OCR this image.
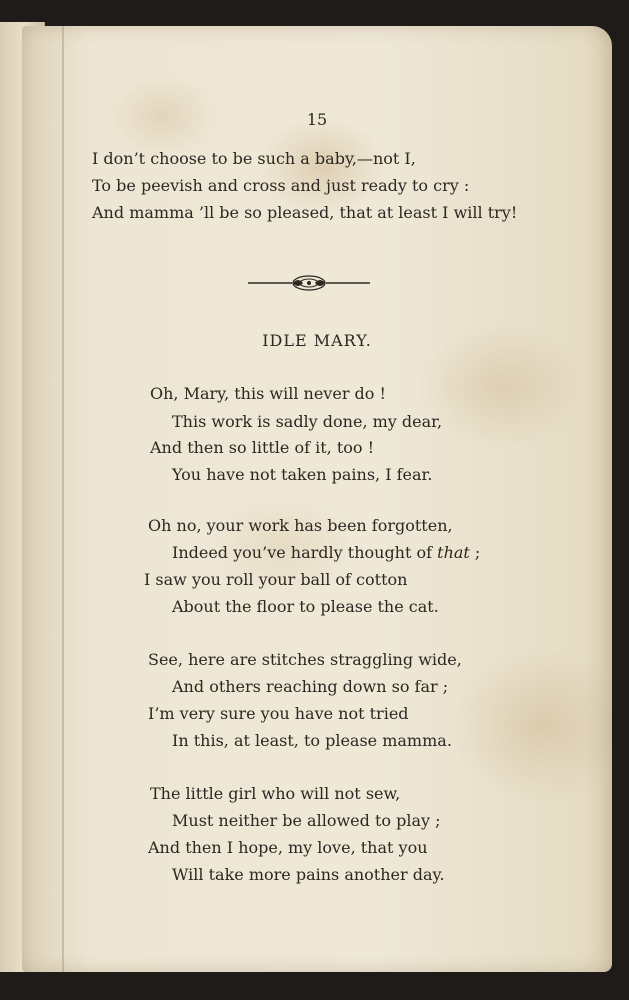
15
I don’t choose to be such a baby,—not I,
To be peevish and cross and just ready to cry :
And mamma ’ll be so pleased, that at least I will try!
IDLE MARY.
Oh, Mary, this will never do !
This work is sadly done, my dear,
And then so little of it, too !
You have not taken pains, I fear.
Oh no, your work has been forgotten,
Indeed you’ve hardly thought of that ;
I saw you roll your ball of cotton
About the floor to please the cat.
See, here are stitches straggling wide,
And others reaching down so far ;
I’m very sure you have not tried
In this, at least, to please mamma.
The little girl who will not sew,
Must neither be allowed to play ;
And then I hope, my love, that you
Will take more pains another day.
